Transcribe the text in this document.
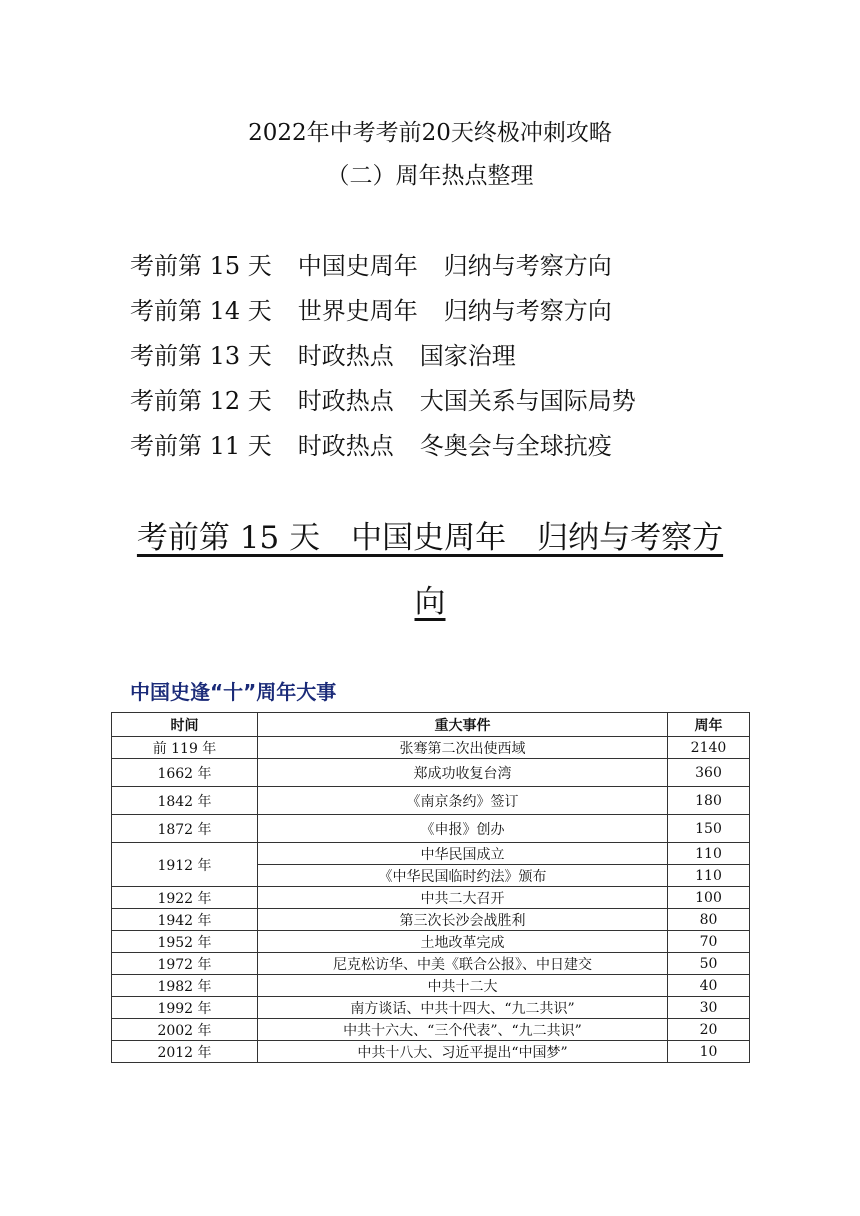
2022年中考考前20天终极冲刺攻略
（二）周年热点整理
考前第 15 天 中国史周年 归纳与考察方向
考前第 14 天 世界史周年 归纳与考察方向
考前第 13 天 时政热点 国家治理
考前第 12 天 时政热点 大国关系与国际局势
考前第 11 天 时政热点 冬奥会与全球抗疫
考前第 15 天　中国史周年　归纳与考察方
向
中国史逢“十”周年大事
时间	重大事件	周年
前 119 年	张骞第二次出使西域	2140
1662 年	郑成功收复台湾	360
1842 年	《南京条约》签订	180
1872 年	《申报》创办	150
1912 年	中华民国成立	110
	《中华民国临时约法》颁布	110
1922 年	中共二大召开	100
1942 年	第三次长沙会战胜利	80
1952 年	土地改革完成	70
1972 年	尼克松访华、中美《联合公报》、中日建交	50
1982 年	中共十二大	40
1992 年	南方谈话、中共十四大、“九二共识”	30
2002 年	中共十六大、“三个代表”、“九二共识”	20
2012 年	中共十八大、习近平提出“中国梦”	10
